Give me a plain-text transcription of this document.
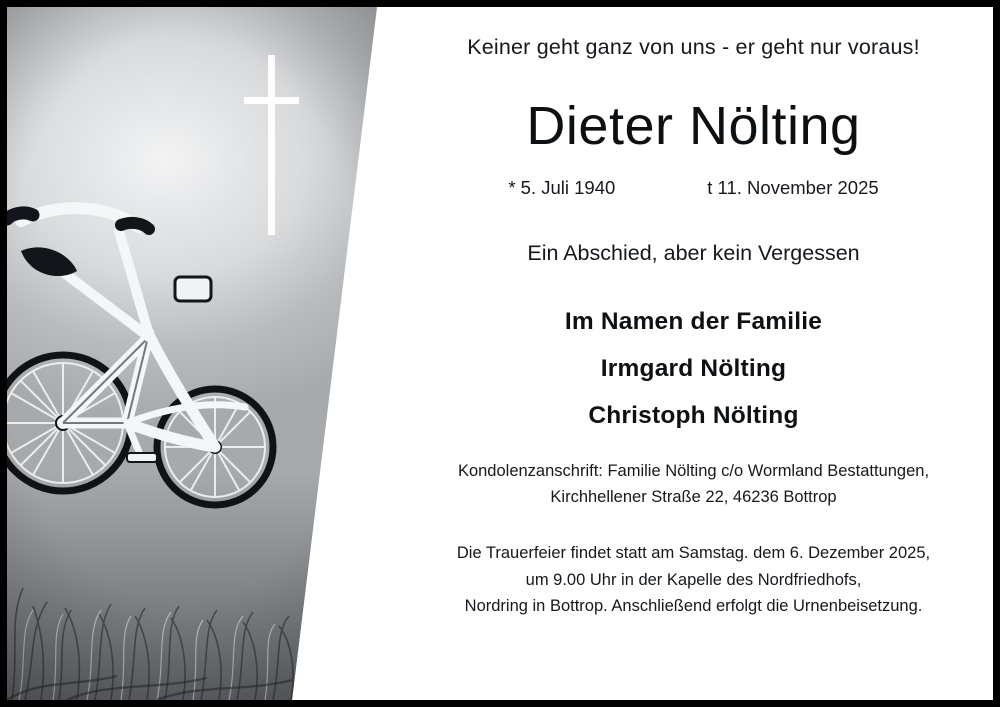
Keiner geht ganz von uns - er geht nur voraus!
Dieter Nölting
* 5. Juli 1940	t 11. November 2025
Ein Abschied, aber kein Vergessen
Im Namen der Familie
Irmgard Nölting
Christoph Nölting
Kondolenzanschrift: Familie Nölting c/o Wormland Bestattungen,
Kirchhellener Straße 22, 46236 Bottrop
Die Trauerfeier findet statt am Samstag. dem 6. Dezember 2025,
um 9.00 Uhr in der Kapelle des Nordfriedhofs,
Nordring in Bottrop. Anschließend erfolgt die Urnenbeisetzung.
